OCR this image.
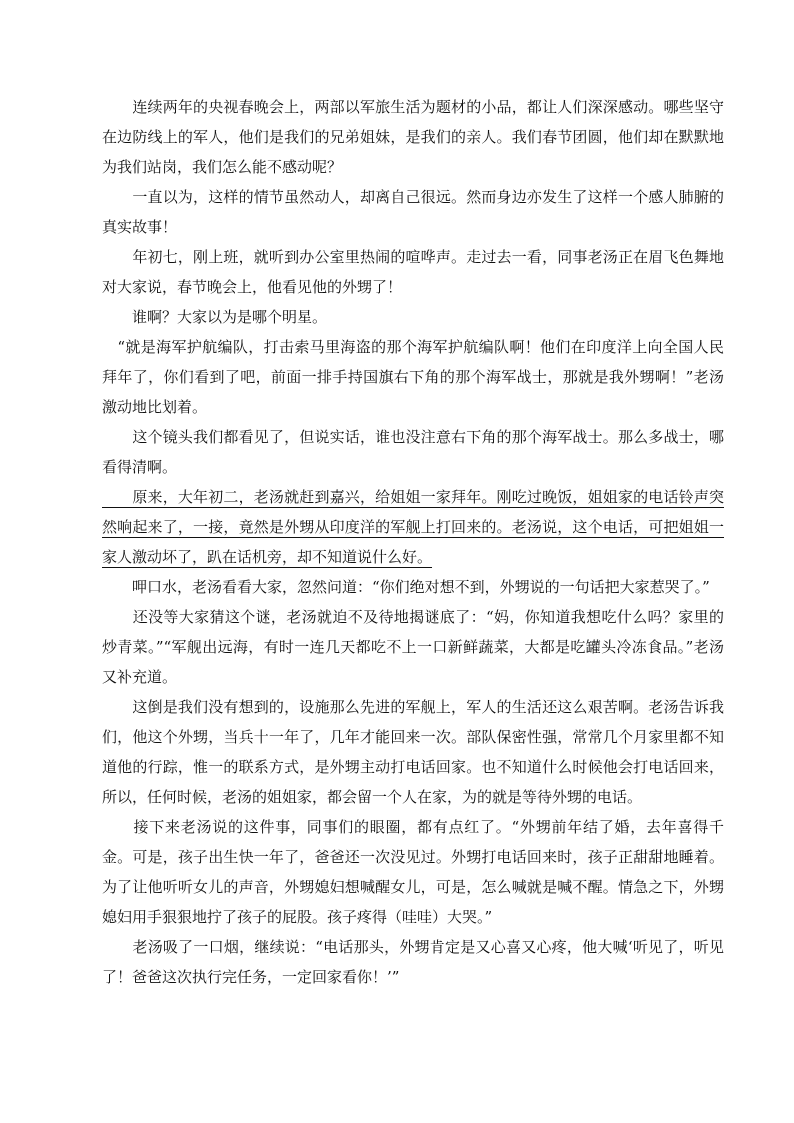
　　连续两年的央视春晚会上，两部以军旅生活为题材的小品，都让人们深深感动。哪些坚守在边防线上的军人，他们是我们的兄弟姐妹，是我们的亲人。我们春节团圆，他们却在默默地为我们站岗，我们怎么能不感动呢？

　　一直以为，这样的情节虽然动人，却离自己很远。然而身边亦发生了这样一个感人肺腑的真实故事！

　　年初七，刚上班，就听到办公室里热闹的喧哗声。走过去一看，同事老汤正在眉飞色舞地对大家说，春节晚会上，他看见他的外甥了！

　　谁啊？大家以为是哪个明星。

　“就是海军护航编队，打击索马里海盗的那个海军护航编队啊！他们在印度洋上向全国人民拜年了，你们看到了吧，前面一排手持国旗右下角的那个海军战士，那就是我外甥啊！”老汤激动地比划着。

　　这个镜头我们都看见了，但说实话，谁也没注意右下角的那个海军战士。那么多战士，哪看得清啊。

　　原来，大年初二，老汤就赶到嘉兴，给姐姐一家拜年。刚吃过晚饭，姐姐家的电话铃声突然响起来了，一接，竟然是外甥从印度洋的军舰上打回来的。老汤说，这个电话，可把姐姐一家人激动坏了，趴在话机旁，却不知道说什么好。

　　呷口水，老汤看看大家，忽然问道：“你们绝对想不到，外甥说的一句话把大家惹哭了。”

　　还没等大家猜这个谜，老汤就迫不及待地揭谜底了：“妈，你知道我想吃什么吗？家里的炒青菜。”“军舰出远海，有时一连几天都吃不上一口新鲜蔬菜，大都是吃罐头冷冻食品。”老汤又补充道。

　　这倒是我们没有想到的，设施那么先进的军舰上，军人的生活还这么艰苦啊。老汤告诉我们，他这个外甥，当兵十一年了，几年才能回来一次。部队保密性强，常常几个月家里都不知道他的行踪，惟一的联系方式，是外甥主动打电话回家。也不知道什么时候他会打电话回来，所以，任何时候，老汤的姐姐家，都会留一个人在家，为的就是等待外甥的电话。

　　接下来老汤说的这件事，同事们的眼圈，都有点红了。“外甥前年结了婚，去年喜得千金。可是，孩子出生快一年了，爸爸还一次没见过。外甥打电话回来时，孩子正甜甜地睡着。为了让他听听女儿的声音，外甥媳妇想喊醒女儿，可是，怎么喊就是喊不醒。情急之下，外甥媳妇用手狠狠地拧了孩子的屁股。孩子疼得（哇哇）大哭。”

　　老汤吸了一口烟，继续说：“电话那头，外甥肯定是又心喜又心疼，他大喊‘听见了，听见了！爸爸这次执行完任务，一定回家看你！’”
